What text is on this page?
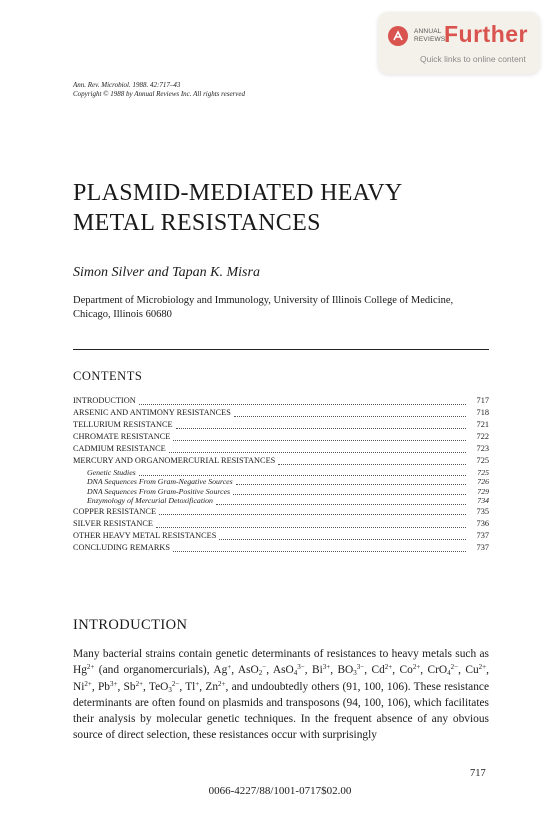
ANNUAL
REVIEWS
Further
Quick links to online content
Ann. Rev. Microbiol. 1988. 42:717–43
Copyright © 1988 by Annual Reviews Inc. All rights reserved
PLASMID-MEDIATED HEAVY
METAL RESISTANCES
Simon Silver and Tapan K. Misra
Department of Microbiology and Immunology, University of Illinois College of Medicine, Chicago, Illinois 60680
CONTENTS
INTRODUCTION	717
ARSENIC AND ANTIMONY RESISTANCES	718
TELLURIUM RESISTANCE	721
CHROMATE RESISTANCE	722
CADMIUM RESISTANCE	723
MERCURY AND ORGANOMERCURIAL RESISTANCES	725
Genetic Studies	725
DNA Sequences From Gram-Negative Sources	726
DNA Sequences From Gram-Positive Sources	729
Enzymology of Mercurial Detoxification	734
COPPER RESISTANCE	735
SILVER RESISTANCE	736
OTHER HEAVY METAL RESISTANCES	737
CONCLUDING REMARKS	737
INTRODUCTION

Many bacterial strains contain genetic determinants of resistances to heavy metals such as $Hg^{2+}$ (and organomercurials), Ag+, AsO$_2$−, AsO$_4^{3-}$, $Bi^{3+}$, $BO_3^{3-}$, $Cd^{2+}$, $Co^{2+}$, CrO$_4^{2-}$, $Cu^{2+}$, $Ni^{2+}$, $Pb^{3+}$, $Sb^{2+}$, TeO$_3^{2-}$, Tl+, $Zn^{2+}$, and undoubtedly others (91, 100, 106). These resistance determinants are often found on plasmids and transposons (94, 100, 106), which facilitates their analysis by molecular genetic techniques. In the frequent absence of any obvious source of direct selection, these resistances occur with surprisingly

717
0066-4227/88/1001-0717$02.00
